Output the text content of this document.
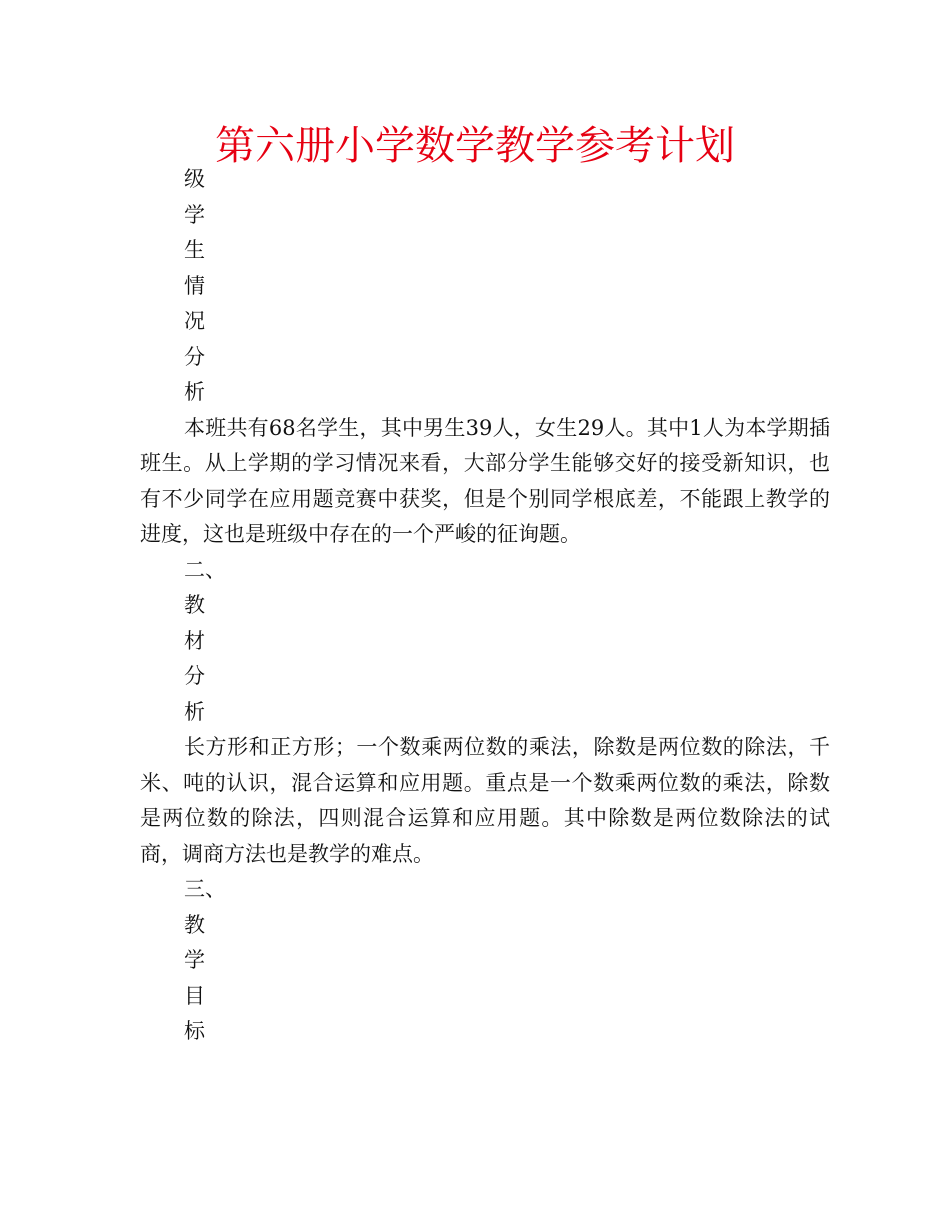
第六册小学数学教学参考计划
级
学
生
情
况
分
析

本班共有68名学生，其中男生39人，女生29人。其中1人为本学期插班生。从上学期的学习情况来看，大部分学生能够交好的接受新知识，也有不少同学在应用题竞赛中获奖，但是个别同学根底差，不能跟上教学的进度，这也是班级中存在的一个严峻的征询题。

二、
教
材
分
析

长方形和正方形；一个数乘两位数的乘法，除数是两位数的除法，千米、吨的认识，混合运算和应用题。重点是一个数乘两位数的乘法，除数是两位数的除法，四则混合运算和应用题。其中除数是两位数除法的试商，调商方法也是教学的难点。

三、
教
学
目
标
